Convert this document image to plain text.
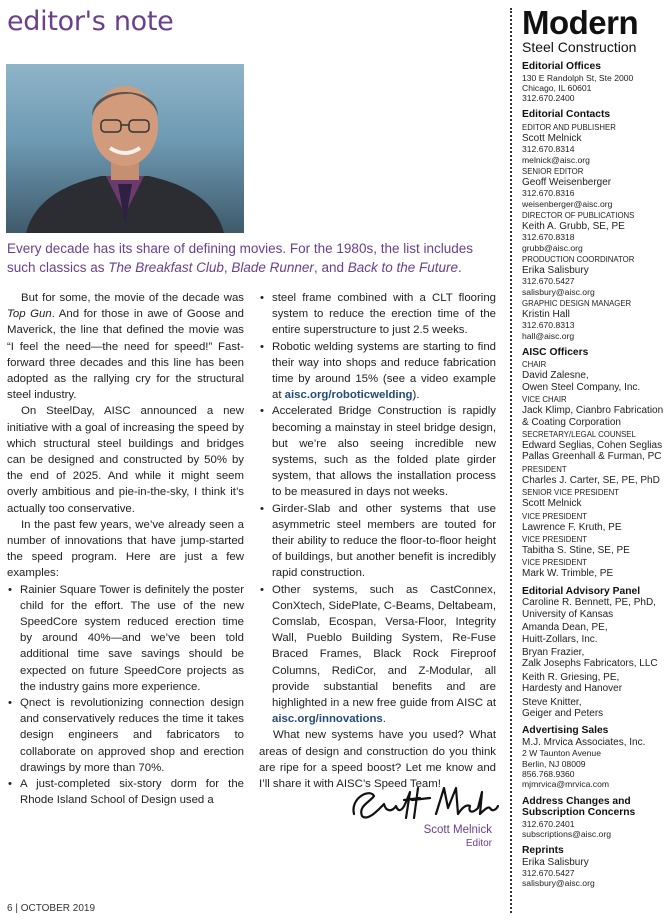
editor's note

Every decade has its share of defining movies. For the 1980s, the list includes such classics as The Breakfast Club, Blade Runner, and Back to the Future.

But for some, the movie of the decade was Top Gun. And for those in awe of Goose and Maverick, the line that defined the movie was “I feel the need—the need for speed!” Fast-forward three decades and this line has been adopted as the rallying cry for the structural steel industry.

On SteelDay, AISC announced a new initiative with a goal of increasing the speed by which structural steel buildings and bridges can be designed and constructed by 50% by the end of 2025. And while it might seem overly ambitious and pie-in-the-sky, I think it’s actually too conservative.

In the past few years, we’ve already seen a number of innovations that have jump-started the speed program. Here are just a few examples:

• Rainier Square Tower is definitely the poster child for the effort. The use of the new SpeedCore system reduced erection time by around 40%—and we’ve been told additional time save savings should be expected on future SpeedCore projects as the industry gains more experience.
• Qnect is revolutionizing connection design and conservatively reduces the time it takes design engineers and fabricators to collaborate on approved shop and erection drawings by more than 70%.
• A just-completed six-story dorm for the Rhode Island School of Design used a
• steel frame combined with a CLT flooring system to reduce the erection time of the entire superstructure to just 2.5 weeks.
• Robotic welding systems are starting to find their way into shops and reduce fabrication time by around 15% (see a video example at aisc.org/roboticwelding).
• Accelerated Bridge Construction is rapidly becoming a mainstay in steel bridge design, but we’re also seeing incredible new systems, such as the folded plate girder system, that allows the installation process to be measured in days not weeks.
• Girder-Slab and other systems that use asymmetric steel members are touted for their ability to reduce the floor-to-floor height of buildings, but another benefit is incredibly rapid construction.
• Other systems, such as CastConnex, ConXtech, SidePlate, C-Beams, Deltabeam, Comslab, Ecospan, Versa-Floor, Integrity Wall, Pueblo Building System, Re-Fuse Braced Frames, Black Rock Fireproof Columns, RediCor, and Z-Modular, all provide substantial benefits and are highlighted in a new free guide from AISC at aisc.org/innovations.

What new systems have you used? What areas of design and construction do you think are ripe for a speed boost? Let me know and I’ll share it with AISC’s Speed Team!

Scott Melnick
Editor
6 | OCTOBER 2019
Modern
Steel Construction
Editorial Offices
130 E Randolph St, Ste 2000
Chicago, IL 60601
312.670.2400
Editorial Contacts
EDITOR AND PUBLISHER
Scott Melnick
312.670.8314
melnick@aisc.org
SENIOR EDITOR
Geoff Weisenberger
312.670.8316
weisenberger@aisc.org
DIRECTOR OF PUBLICATIONS
Keith A. Grubb, SE, PE
312.670.8318
grubb@aisc.org
PRODUCTION COORDINATOR
Erika Salisbury
312.670.5427
salisbury@aisc.org
GRAPHIC DESIGN MANAGER
Kristin Hall
312.670.8313
hall@aisc.org
AISC Officers
CHAIR
David Zalesne,
Owen Steel Company, Inc.
VICE CHAIR
Jack Klimp, Cianbro Fabrication
& Coating Corporation
SECRETARY/LEGAL COUNSEL
Edward Seglias, Cohen Seglias
Pallas Greenhall & Furman, PC
PRESIDENT
Charles J. Carter, SE, PE, PhD
SENIOR VICE PRESIDENT
Scott Melnick
VICE PRESIDENT
Lawrence F. Kruth, PE
VICE PRESIDENT
Tabitha S. Stine, SE, PE
VICE PRESIDENT
Mark W. Trimble, PE
Editorial Advisory Panel
Caroline R. Bennett, PE, PhD,
University of Kansas
Amanda Dean, PE,
Huitt-Zollars, Inc.
Bryan Frazier,
Zalk Josephs Fabricators, LLC
Keith R. Griesing, PE,
Hardesty and Hanover
Steve Knitter,
Geiger and Peters
Advertising Sales
M.J. Mrvica Associates, Inc.
2 W Taunton Avenue
Berlin, NJ 08009
856.768.9360
mjmrvica@mrvica.com
Address Changes and Subscription Concerns
312.670.2401
subscriptions@aisc.org
Reprints
Erika Salisbury
312.670.5427
salisbury@aisc.org
